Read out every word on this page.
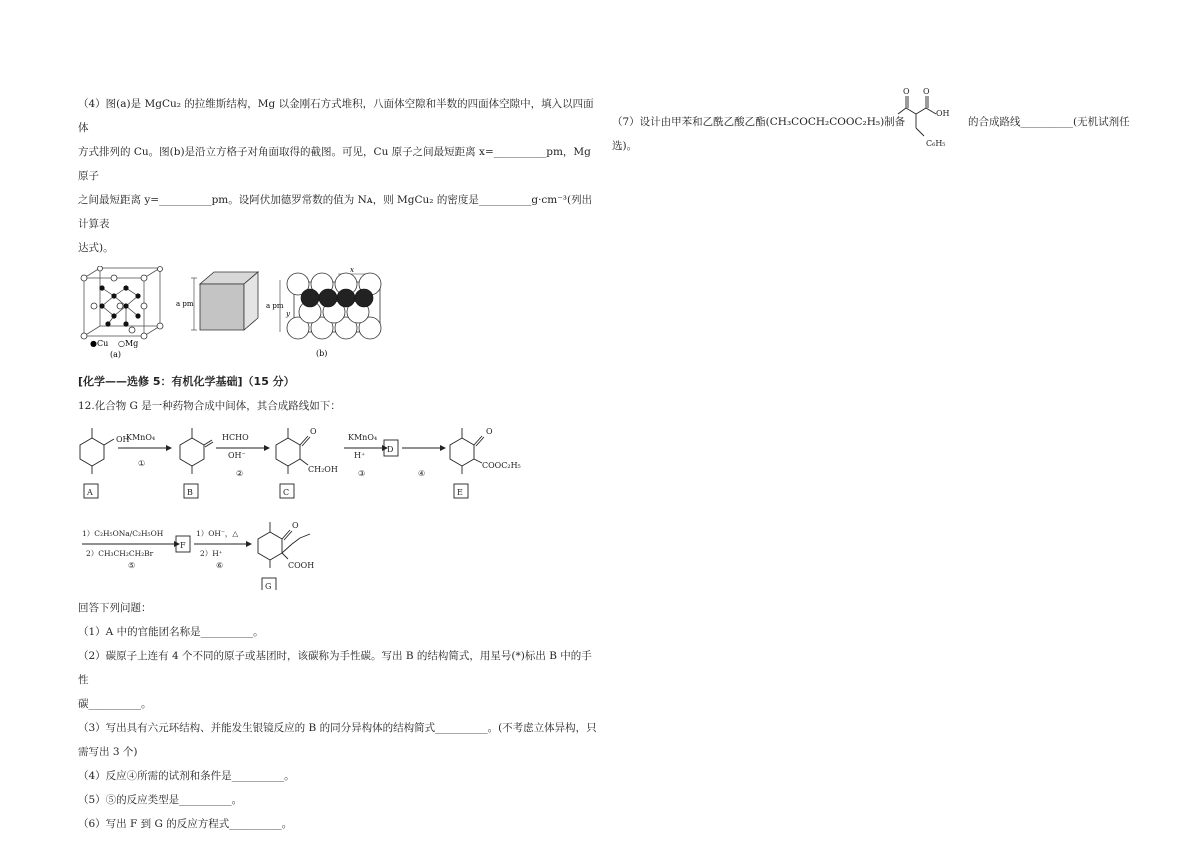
（4）图(a)是 MgCu₂ 的拉维斯结构，Mg 以金刚石方式堆积，八面体空隙和半数的四面体空隙中，填入以四面体

方式排列的 Cu。图(b)是沿立方格子对角面取得的截图。可见，Cu 原子之间最短距离 x=__________pm，Mg 原子

之间最短距离 y=__________pm。设阿伏加德罗常数的值为 Nᴀ，则 MgCu₂ 的密度是__________g·cm⁻³(列出计算表

达式)。

●Cu ○Mg
(a)
a pm
x
a pm
y
(b)

[化学——选修 5：有机化学基础]（15 分）

12.化合物 G 是一种药物合成中间体，其合成路线如下：

OH
A
KMnO₄
①
B
HCHO
OH⁻
②
O
CH₂OH
C
KMnO₄
H⁺
③
D
④
O
COOC₂H₅
E
1）C₂H₅ONa/C₂H₅OH
2）CH₃CH₂CH₂Br
⑤
F
1）OH⁻，△
2）H⁺
⑥
O
COOH
G

回答下列问题：

（1）A 中的官能团名称是__________。

（2）碳原子上连有 4 个不同的原子或基团时，该碳称为手性碳。写出 B 的结构简式，用星号(*)标出 B 中的手性

碳__________。

（3）写出具有六元环结构、并能发生银镜反应的 B 的同分异构体的结构简式__________。(不考虑立体异构，只

需写出 3 个)

（4）反应④所需的试剂和条件是__________。

（5）⑤的反应类型是__________。

（6）写出 F 到 G 的反应方程式__________。

（7）设计由甲苯和乙酰乙酸乙酯(CH₃COCH₂COOC₂H₅)制备
O O
OH
C₆H₅
的合成路线__________(无机试剂任

选)。
